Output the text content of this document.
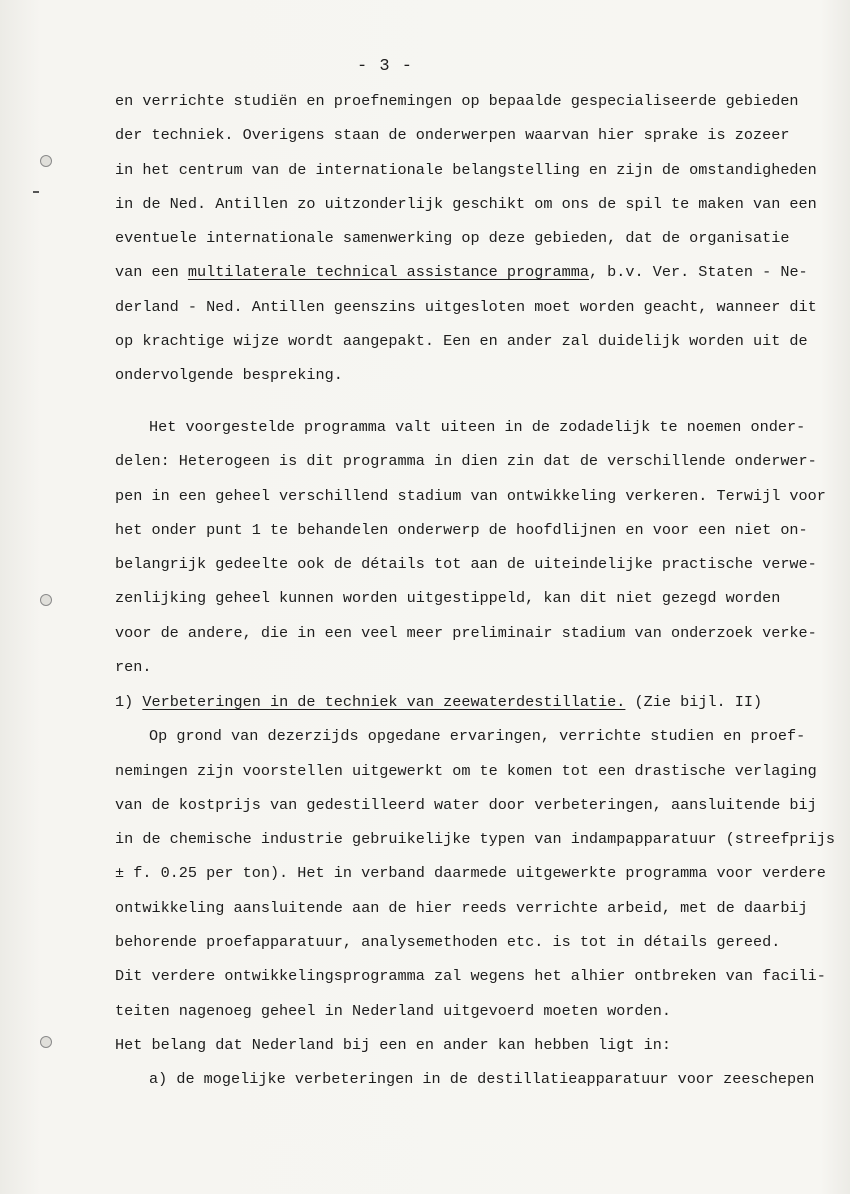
- 3 -
en verrichte studiën en proefnemingen op bepaalde gespecialiseerde gebieden
der techniek. Overigens staan de onderwerpen waarvan hier sprake is zozeer
in het centrum van de internationale belangstelling en zijn de omstandigheden
in de Ned. Antillen zo uitzonderlijk geschikt om ons de spil te maken van een
eventuele internationale samenwerking op deze gebieden, dat de organisatie
van een multilaterale technical assistance programma, b.v. Ver. Staten - Ne-
derland - Ned. Antillen geenszins uitgesloten moet worden geacht, wanneer dit
op krachtige wijze wordt aangepakt. Een en ander zal duidelijk worden uit de
ondervolgende bespreking.
Het voorgestelde programma valt uiteen in de zodadelijk te noemen onder-
delen: Heterogeen is dit programma in dien zin dat de verschillende onderwer-
pen in een geheel verschillend stadium van ontwikkeling verkeren. Terwijl voor
het onder punt 1 te behandelen onderwerp de hoofdlijnen en voor een niet on-
belangrijk gedeelte ook de détails tot aan de uiteindelijke practische verwe-
zenlijking geheel kunnen worden uitgestippeld, kan dit niet gezegd worden
voor de andere, die in een veel meer preliminair stadium van onderzoek verke-
ren.
1) Verbeteringen in de techniek van zeewaterdestillatie. (Zie bijl. II)
Op grond van dezerzijds opgedane ervaringen, verrichte studien en proef-
nemingen zijn voorstellen uitgewerkt om te komen tot een drastische verlaging
van de kostprijs van gedestilleerd water door verbeteringen, aansluitende bij
in de chemische industrie gebruikelijke typen van indampapparatuur (streefprijs
± f. 0.25 per ton). Het in verband daarmede uitgewerkte programma voor verdere
ontwikkeling aansluitende aan de hier reeds verrichte arbeid, met de daarbij
behorende proefapparatuur, analysemethoden etc. is tot in détails gereed.
Dit verdere ontwikkelingsprogramma zal wegens het alhier ontbreken van facili-
teiten nagenoeg geheel in Nederland uitgevoerd moeten worden.
Het belang dat Nederland bij een en ander kan hebben ligt in:
a) de mogelijke verbeteringen in de destillatieapparatuur voor zeeschepen
